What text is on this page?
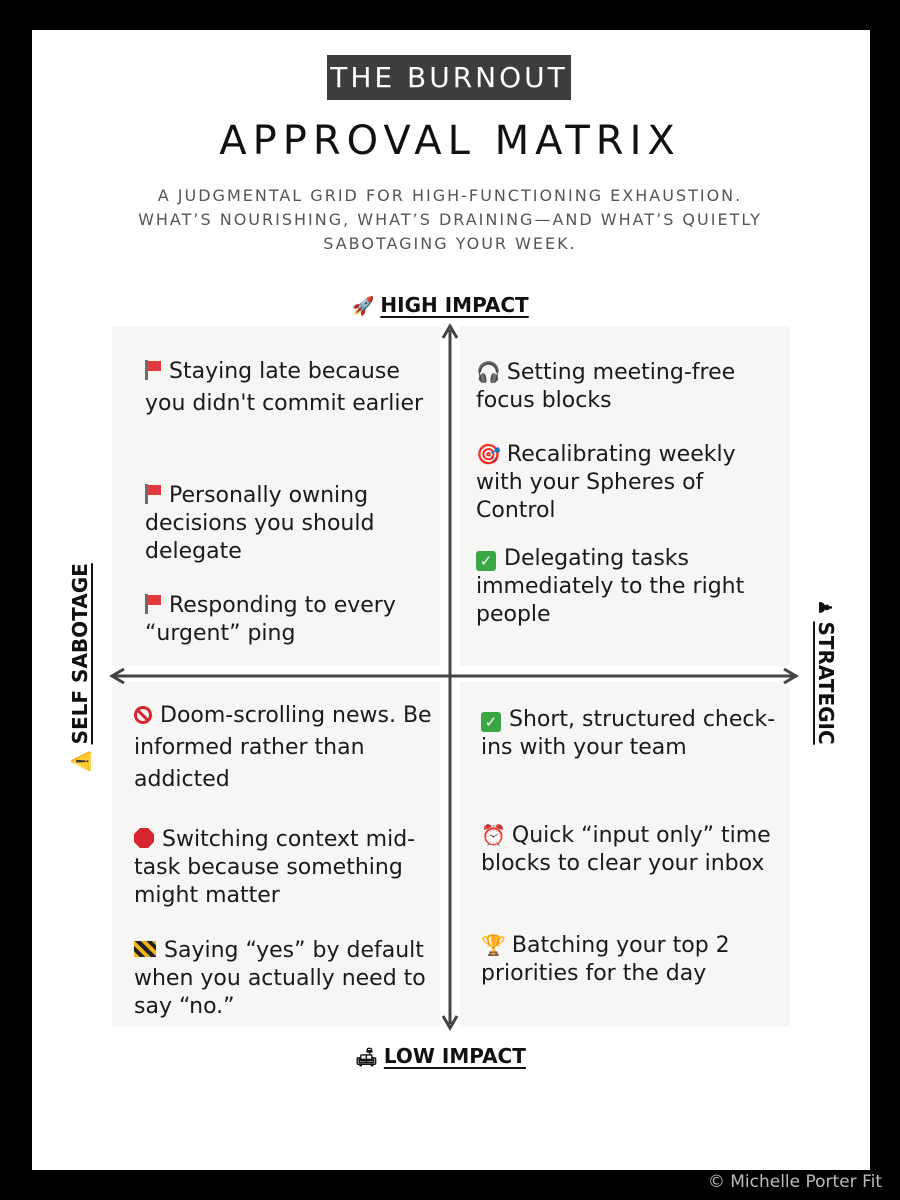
THE BURNOUT
APPROVAL MATRIX
A JUDGMENTAL GRID FOR HIGH-FUNCTIONING EXHAUSTION.
WHAT’S NOURISHING, WHAT’S DRAINING—AND WHAT’S QUIETLY
SABOTAGING YOUR WEEK.
🚀 HIGH IMPACT
🛋 LOW IMPACT
⚠️SELF SABOTAGE	♟STRATEGIC
Staying late because you didn't commit earlier
Personally owning decisions you should delegate
Responding to every “urgent” ping
🎧 Setting meeting-free focus blocks
🎯 Recalibrating weekly with your Spheres of Control
✓ Delegating tasks immediately to the right people
Doom-scrolling news. Be informed rather than addicted
Switching context mid-task because something might matter
Saying “yes” by default when you actually need to say “no.”
✓ Short, structured check-ins with your team
⏰ Quick “input only” time blocks to clear your inbox
🏆 Batching your top 2 priorities for the day
© Michelle Porter Fit
